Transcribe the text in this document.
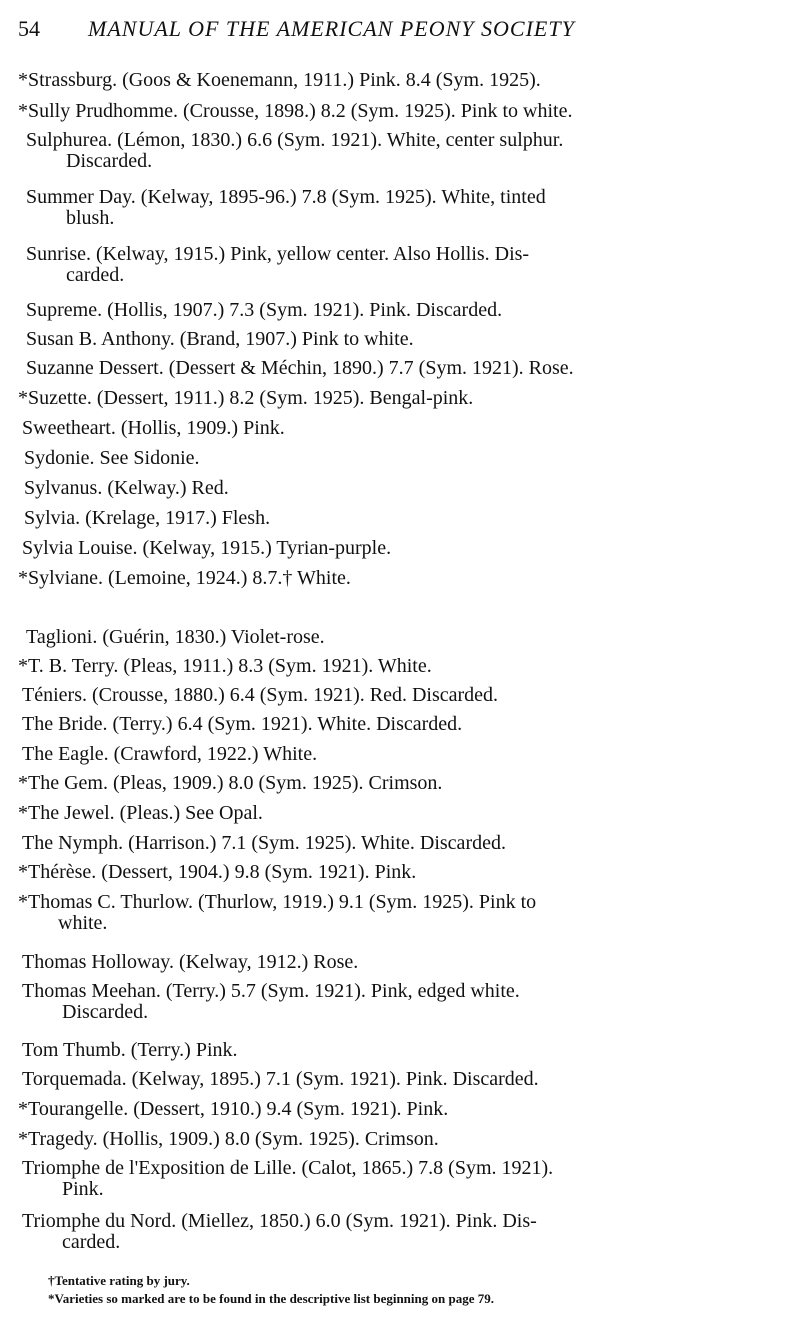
54 MANUAL OF THE AMERICAN PEONY SOCIETY
*Strassburg. (Goos & Koenemann, 1911.) Pink. 8.4 (Sym. 1925).
*Sully Prudhomme. (Crousse, 1898.) 8.2 (Sym. 1925). Pink to white.
Sulphurea. (Lémon, 1830.) 6.6 (Sym. 1921). White, center sulphur.
Discarded.
Summer Day. (Kelway, 1895-96.) 7.8 (Sym. 1925). White, tinted
blush.
Sunrise. (Kelway, 1915.) Pink, yellow center. Also Hollis. Dis-
carded.
Supreme. (Hollis, 1907.) 7.3 (Sym. 1921). Pink. Discarded.
Susan B. Anthony. (Brand, 1907.) Pink to white.
Suzanne Dessert. (Dessert & Méchin, 1890.) 7.7 (Sym. 1921). Rose.
*Suzette. (Dessert, 1911.) 8.2 (Sym. 1925). Bengal-pink.
Sweetheart. (Hollis, 1909.) Pink.
Sydonie. See Sidonie.
Sylvanus. (Kelway.) Red.
Sylvia. (Krelage, 1917.) Flesh.
Sylvia Louise. (Kelway, 1915.) Tyrian-purple.
*Sylviane. (Lemoine, 1924.) 8.7.† White.
Taglioni. (Guérin, 1830.) Violet-rose.
*T. B. Terry. (Pleas, 1911.) 8.3 (Sym. 1921). White.
Téniers. (Crousse, 1880.) 6.4 (Sym. 1921). Red. Discarded.
The Bride. (Terry.) 6.4 (Sym. 1921). White. Discarded.
The Eagle. (Crawford, 1922.) White.
*The Gem. (Pleas, 1909.) 8.0 (Sym. 1925). Crimson.
*The Jewel. (Pleas.) See Opal.
The Nymph. (Harrison.) 7.1 (Sym. 1925). White. Discarded.
*Thérèse. (Dessert, 1904.) 9.8 (Sym. 1921). Pink.
*Thomas C. Thurlow. (Thurlow, 1919.) 9.1 (Sym. 1925). Pink to
white.
Thomas Holloway. (Kelway, 1912.) Rose.
Thomas Meehan. (Terry.) 5.7 (Sym. 1921). Pink, edged white.
Discarded.
Tom Thumb. (Terry.) Pink.
Torquemada. (Kelway, 1895.) 7.1 (Sym. 1921). Pink. Discarded.
*Tourangelle. (Dessert, 1910.) 9.4 (Sym. 1921). Pink.
*Tragedy. (Hollis, 1909.) 8.0 (Sym. 1925). Crimson.
Triomphe de l'Exposition de Lille. (Calot, 1865.) 7.8 (Sym. 1921).
Pink.
Triomphe du Nord. (Miellez, 1850.) 6.0 (Sym. 1921). Pink. Dis-
carded.
†Tentative rating by jury.
*Varieties so marked are to be found in the descriptive list beginning on page 79.
